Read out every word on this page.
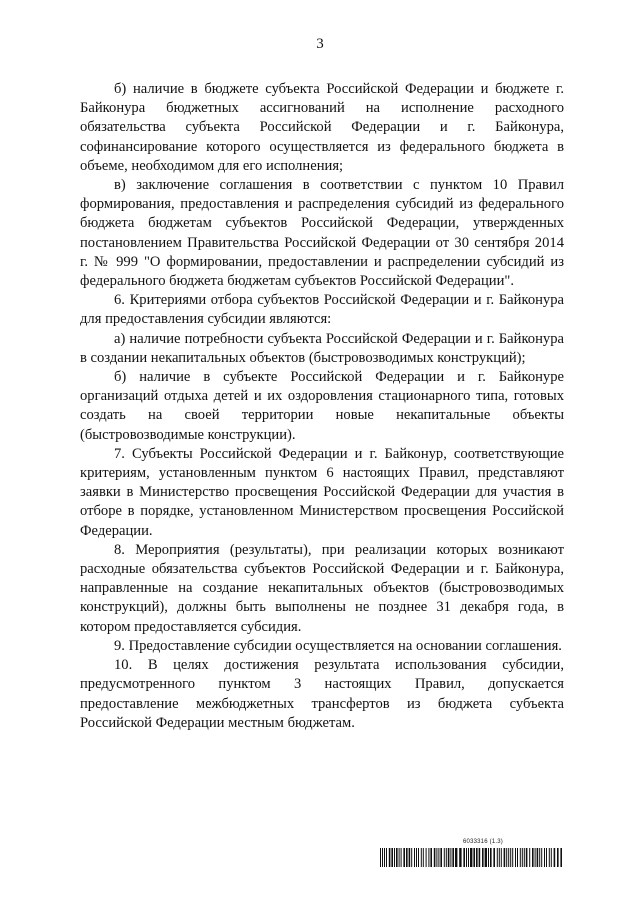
3

б) наличие в бюджете субъекта Российской Федерации и бюджете г. Байконура бюджетных ассигнований на исполнение расходного обязательства субъекта Российской Федерации и г. Байконура, софинансирование которого осуществляется из федерального бюджета в объеме, необходимом для его исполнения;

в) заключение соглашения в соответствии с пунктом 10 Правил формирования, предоставления и распределения субсидий из федерального бюджета бюджетам субъектов Российской Федерации, утвержденных постановлением Правительства Российской Федерации от 30 сентября 2014 г. № 999 "О формировании, предоставлении и распределении субсидий из федерального бюджета бюджетам субъектов Российской Федерации".

6. Критериями отбора субъектов Российской Федерации и г. Байконура для предоставления субсидии являются:

а) наличие потребности субъекта Российской Федерации и г. Байконура в создании некапитальных объектов (быстровозводимых конструкций);

б) наличие в субъекте Российской Федерации и г. Байконуре организаций отдыха детей и их оздоровления стационарного типа, готовых создать на своей территории новые некапитальные объекты (быстровозводимые конструкции).

7. Субъекты Российской Федерации и г. Байконур, соответствующие критериям, установленным пунктом 6 настоящих Правил, представляют заявки в Министерство просвещения Российской Федерации для участия в отборе в порядке, установленном Министерством просвещения Российской Федерации.

8. Мероприятия (результаты), при реализации которых возникают расходные обязательства субъектов Российской Федерации и г. Байконура, направленные на создание некапитальных объектов (быстровозводимых конструкций), должны быть выполнены не позднее 31 декабря года, в котором предоставляется субсидия.

9. Предоставление субсидии осуществляется на основании соглашения.

10. В целях достижения результата использования субсидии, предусмотренного пунктом 3 настоящих Правил, допускается предоставление межбюджетных трансфертов из бюджета субъекта Российской Федерации местным бюджетам.

6033316 (1.3)
